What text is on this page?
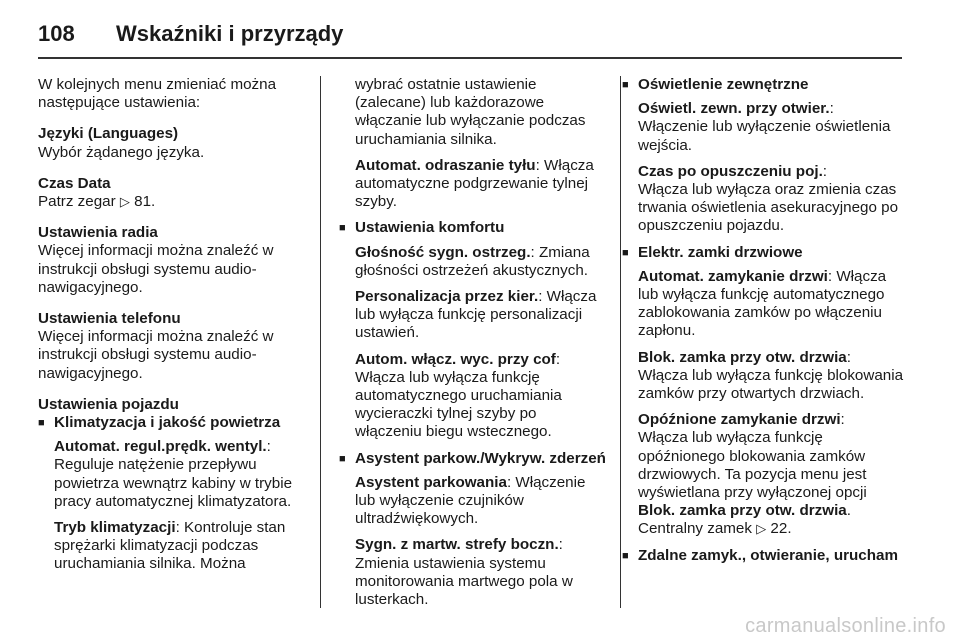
108	Wskaźniki i przyrządy
W kolejnych menu zmieniać można następujące ustawienia:
Języki (Languages)
Wybór żądanego języka.
Czas Data
Patrz zegar ▷ 81.
Ustawienia radia
Więcej informacji można znaleźć w instrukcji obsługi systemu audio-nawigacyjnego.
Ustawienia telefonu
Więcej informacji można znaleźć w instrukcji obsługi systemu audio-nawigacyjnego.
Ustawienia pojazdu
■ Klimatyzacja i jakość powietrza
Automat. regul.prędk. wentyl.:
Reguluje natężenie przepływu powietrza wewnątrz kabiny w trybie pracy automatycznej klimatyzatora.
Tryb klimatyzacji: Kontroluje stan sprężarki klimatyzacji podczas uruchamiania silnika. Można
wybrać ostatnie ustawienie (zalecane) lub każdorazowe włączanie lub wyłączanie podczas uruchamiania silnika.
Automat. odraszanie tyłu: Włącza automatyczne podgrzewanie tylnej szyby.
■ Ustawienia komfortu
Głośność sygn. ostrzeg.: Zmiana głośności ostrzeżeń akustycznych.
Personalizacja przez kier.: Włącza lub wyłącza funkcję personalizacji ustawień.
Autom. włącz. wyc. przy cof:
Włącza lub wyłącza funkcję automatycznego uruchamiania wycieraczki tylnej szyby po włączeniu biegu wstecznego.
■ Asystent parkow./Wykryw. zderzeń
Asystent parkowania: Włączenie lub wyłączenie czujników ultradźwiękowych.
Sygn. z martw. strefy boczn.:
Zmienia ustawienia systemu monitorowania martwego pola w lusterkach.
■ Oświetlenie zewnętrzne
Oświetl. zewn. przy otwier.:
Włączenie lub wyłączenie oświetlenia wejścia.
Czas po opuszczeniu poj.:
Włącza lub wyłącza oraz zmienia czas trwania oświetlenia asekuracyjnego po opuszczeniu pojazdu.
■ Elektr. zamki drzwiowe
Automat. zamykanie drzwi: Włącza lub wyłącza funkcję automatycznego zablokowania zamków po włączeniu zapłonu.
Blok. zamka przy otw. drzwia:
Włącza lub wyłącza funkcję blokowania zamków przy otwartych drzwiach.
Opóźnione zamykanie drzwi:
Włącza lub wyłącza funkcję opóźnionego blokowania zamków drzwiowych. Ta pozycja menu jest wyświetlana przy wyłączonej opcji Blok. zamka przy otw. drzwia.
Centralny zamek ▷ 22.
■ Zdalne zamyk., otwieranie, urucham
carmanualsonline.info
